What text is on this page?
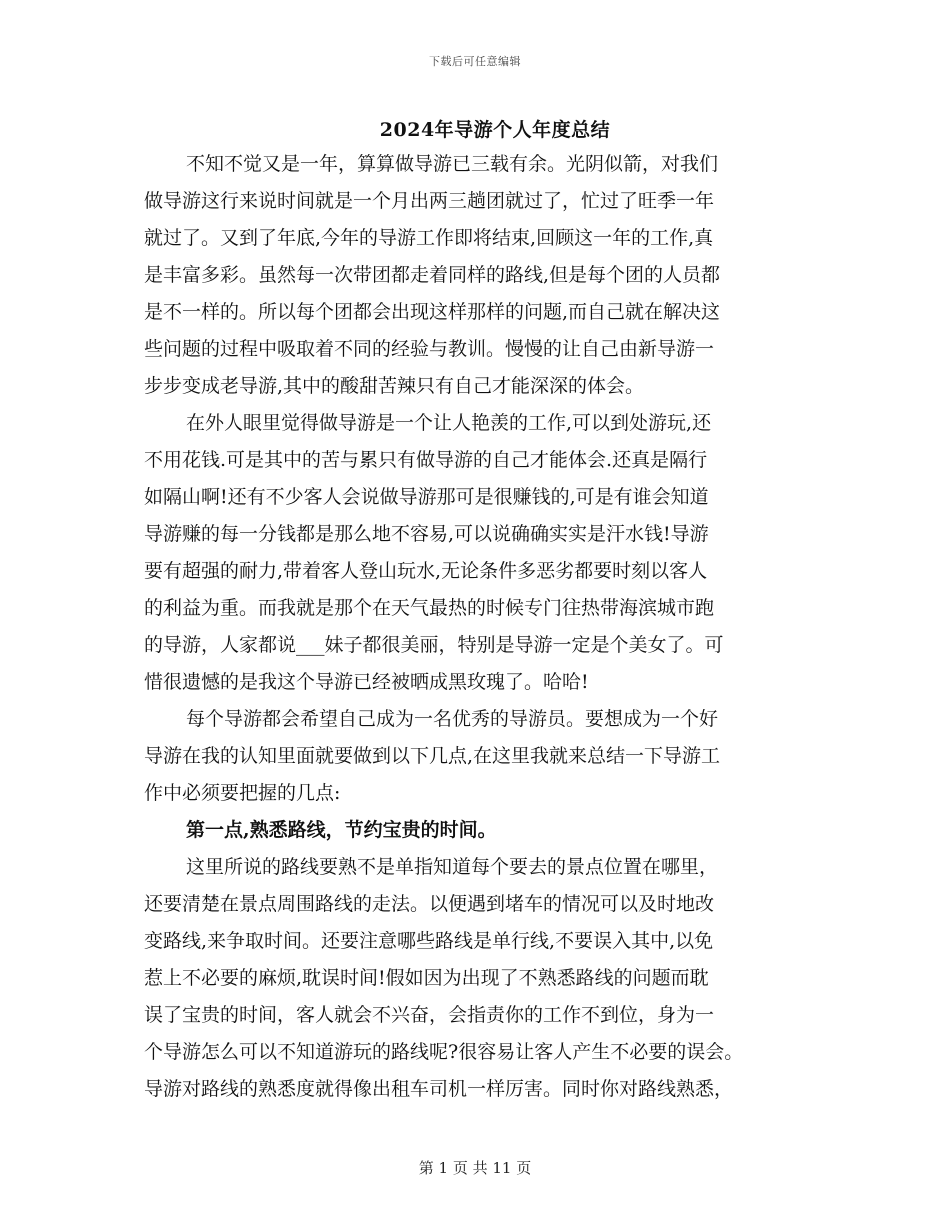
下载后可任意编辑
2024年导游个人年度总结
不知不觉又是一年，算算做导游已三载有余。光阴似箭，对我们
做导游这行来说时间就是一个月出两三趟团就过了，忙过了旺季一年
就过了。又到了年底,今年的导游工作即将结束,回顾这一年的工作,真
是丰富多彩。虽然每一次带团都走着同样的路线,但是每个团的人员都
是不一样的。所以每个团都会出现这样那样的问题,而自己就在解决这
些问题的过程中吸取着不同的经验与教训。慢慢的让自己由新导游一
步步变成老导游,其中的酸甜苦辣只有自己才能深深的体会。
在外人眼里觉得做导游是一个让人艳羡的工作,可以到处游玩,还
不用花钱.可是其中的苦与累只有做导游的自己才能体会.还真是隔行
如隔山啊!还有不少客人会说做导游那可是很赚钱的,可是有谁会知道
导游赚的每一分钱都是那么地不容易,可以说确确实实是汗水钱!导游
要有超强的耐力,带着客人登山玩水,无论条件多恶劣都要时刻以客人
的利益为重。而我就是那个在天气最热的时候专门往热带海滨城市跑
的导游，人家都说___妹子都很美丽，特别是导游一定是个美女了。可
惜很遗憾的是我这个导游已经被晒成黑玫瑰了。哈哈!
每个导游都会希望自己成为一名优秀的导游员。要想成为一个好
导游在我的认知里面就要做到以下几点,在这里我就来总结一下导游工
作中必须要把握的几点:
第一点,熟悉路线，节约宝贵的时间。
这里所说的路线要熟不是单指知道每个要去的景点位置在哪里，
还要清楚在景点周围路线的走法。以便遇到堵车的情况可以及时地改
变路线,来争取时间。还要注意哪些路线是单行线,不要误入其中,以免
惹上不必要的麻烦,耽误时间!假如因为出现了不熟悉路线的问题而耽
误了宝贵的时间，客人就会不兴奋，会指责你的工作不到位，身为一
个导游怎么可以不知道游玩的路线呢?很容易让客人产生不必要的误会。
导游对路线的熟悉度就得像出租车司机一样厉害。同时你对路线熟悉，
第 1 页 共 11 页
